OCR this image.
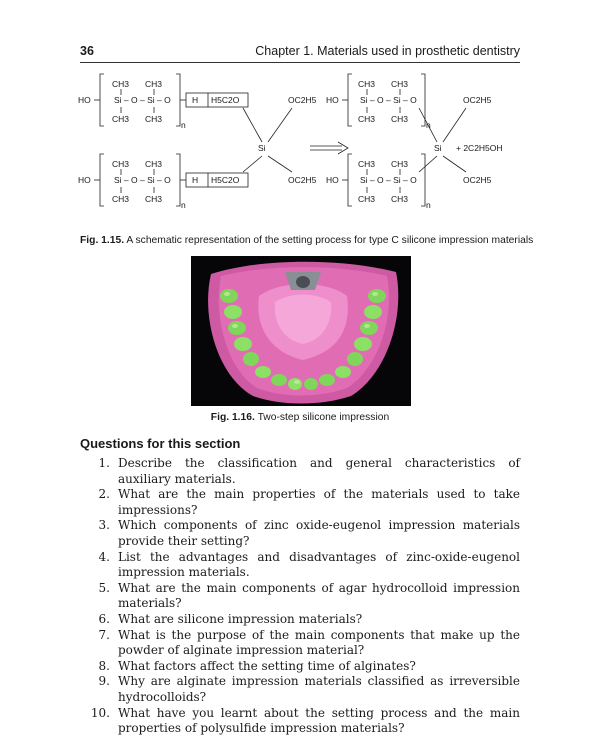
36	Chapter 1. Materials used in prosthetic dentistry
CH3 CH3
HO	Si – O – Si – O	H H5C2O
CH3 CH3
n
OC2H5
Si
CH3 CH3
HO	Si – O – Si – O	H H5C2O
CH3 CH3
n
OC2H5
CH3 CH3
HO	Si – O – Si – O
CH3 CH3
n
OC2H5
Si + 2C2H5OH
CH3 CH3
HO	Si – O – Si – O
CH3 CH3
n
OC2H5
Fig. 1.15. A schematic representation of the setting process for type C silicone impression materials
Fig. 1.16. Two-step silicone impression
Questions for this section
1. Describe the classification and general characteristics of auxiliary materials.
2. What are the main properties of the materials used to take impressions?
3. Which components of zinc oxide-eugenol impression materials provide their setting?
4. List the advantages and disadvantages of zinc-oxide-eugenol impression materials.
5. What are the main components of agar hydrocolloid impression materials?
6. What are silicone impression materials?
7. What is the purpose of the main components that make up the powder of alginate impression material?
8. What factors affect the setting time of alginates?
9. Why are alginate impression materials classified as irreversible hydrocolloids?
10. What have you learnt about the setting process and the main properties of polysulfide impression materials?
